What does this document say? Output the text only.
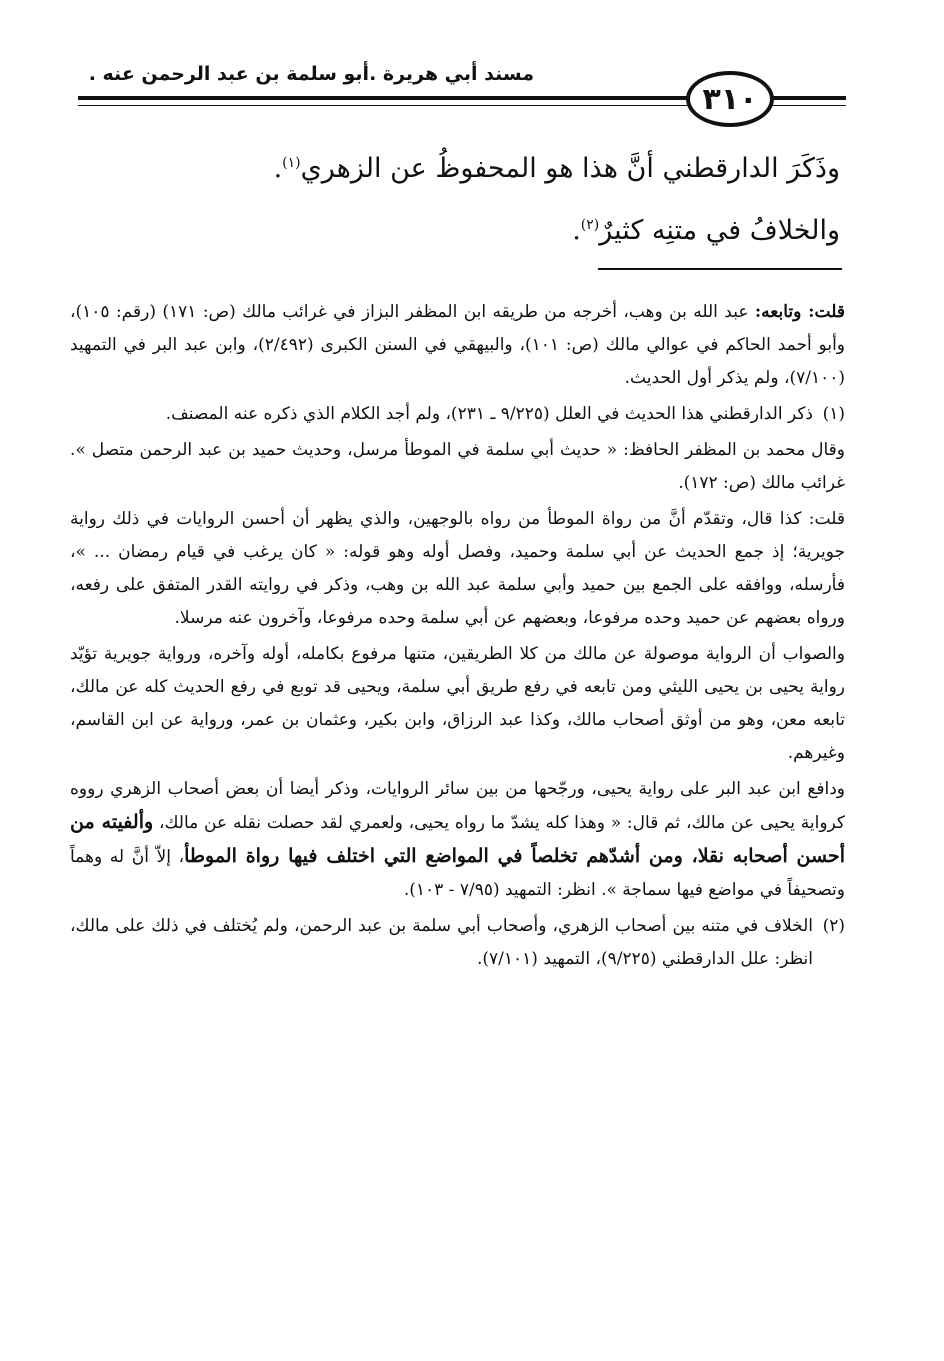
مسند أبي هريرة .أبو سلمة بن عبد الرحمن عنه .
٣١٠
وذَكَرَ الدارقطني أنَّ هذا هو المحفوظُ عن الزهري$^{(١)}$.
والخلافُ في متنِه كثيرٌ$^{(٢)}$.

قلت: وتابعه: عبد الله بن وهب، أخرجه من طريقه ابن المظفر البزاز في غرائب مالك (ص: ١٧١) (رقم: ١٠٥)، وأبو أحمد الحاكم في عوالي مالك (ص: ١٠١)، والبيهقي في السنن الكبرى (٢/٤٩٢)، وابن عبد البر في التمهيد (٧/١٠٠)، ولم يذكر أول الحديث.

(١)
ذكر الدارقطني هذا الحديث في العلل (٩/٢٢٥ ـ ٢٣١)، ولم أجد الكلام الذي ذكره عنه المصنف.

وقال محمد بن المظفر الحافظ: « حديث أبي سلمة في الموطأ مرسل، وحديث حميد بن عبد الرحمن متصل ». غرائب مالك (ص: ١٧٢).

قلت: كذا قال، وتقدّم أنَّ من رواة الموطأ من رواه بالوجهين، والذي يظهر أن أحسن الروايات في ذلك رواية جويرية؛ إذ جمع الحديث عن أبي سلمة وحميد، وفصل أوله وهو قوله: « كان يرغب في قيام رمضان ... »، فأرسله، ووافقه على الجمع بين حميد وأبي سلمة عبد الله بن وهب، وذكر في روايته القدر المتفق على رفعه، ورواه بعضهم عن حميد وحده مرفوعا، وبعضهم عن أبي سلمة وحده مرفوعا، وآخرون عنه مرسلا.

والصواب أن الرواية موصولة عن مالك من كلا الطريقين، متنها مرفوع بكامله، أوله وآخره، ورواية جويرية تؤيّد رواية يحيى بن يحيى الليثي ومن تابعه في رفع طريق أبي سلمة، ويحيى قد توبع في رفع الحديث كله عن مالك، تابعه معن، وهو من أوثق أصحاب مالك، وكذا عبد الرزاق، وابن بكير، وعثمان بن عمر، ورواية عن ابن القاسم، وغيرهم.

ودافع ابن عبد البر على رواية يحيى، ورجّحها من بين سائر الروايات، وذكر أيضا أن بعض أصحاب الزهري رووه كرواية يحيى عن مالك، ثم قال: « وهذا كله يشدّ ما رواه يحيى، ولعمري لقد حصلت نقله عن مالك، وألفيته من أحسن أصحابه نقلا، ومن أشدّهم تخلصاً في المواضع التي اختلف فيها رواة الموطأ، إلاّ أنَّ له وهماً وتصحيفاً في مواضع فيها سماجة ». انظر: التمهيد (٧/٩٥ - ١٠٣).

(٢)
الخلاف في متنه بين أصحاب الزهري، وأصحاب أبي سلمة بن عبد الرحمن، ولم يُختلف في ذلك على مالك، انظر: علل الدارقطني (٩/٢٢٥)، التمهيد (٧/١٠١).
